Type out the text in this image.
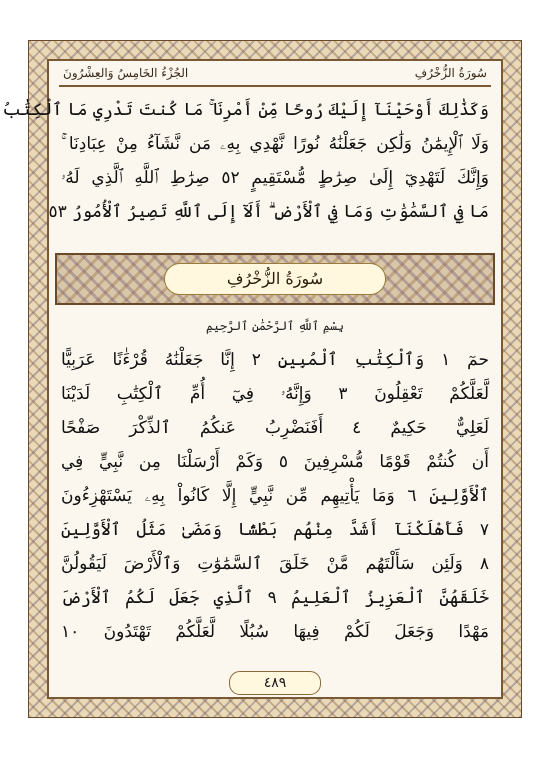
الجُزْءُ الخَامِسُ وَالعِشْرُونَ	سُورَةُ الزُّخْرُفِ
وَكَذَٰلِكَ أَوْحَيْنَآ إِلَيْكَ رُوحًا مِّنْ أَمْرِنَا ۚ مَا كُنتَ تَدْرِي مَا ٱلْكِتَٰبُ
وَلَا ٱلْإِيمَٰنُ وَلَٰكِن جَعَلْنَٰهُ نُورًا نَّهْدِي بِهِۦ مَن نَّشَآءُ مِنْ عِبَادِنَا ۚ
وَإِنَّكَ لَتَهْدِيٓ إِلَىٰ صِرَٰطٍ مُّسْتَقِيمٍ ٥٢ صِرَٰطِ ٱللَّهِ ٱلَّذِي لَهُۥ
مَا فِي ٱلسَّمَٰوَٰتِ وَمَا فِي ٱلْأَرْضِ ۗ أَلَآ إِلَى ٱللَّهِ تَصِيرُ ٱلْأُمُورُ ٥٣
سُورَةُ الزُّخْرُفِ
بِسْمِ ٱللَّهِ ٱلرَّحْمَٰنِ ٱلرَّحِيمِ
حمٓ ١ وَٱلْكِتَٰبِ ٱلْمُبِينِ ٢ إِنَّا جَعَلْنَٰهُ قُرْءَٰنًا عَرَبِيًّا
لَّعَلَّكُمْ تَعْقِلُونَ ٣ وَإِنَّهُۥ فِيٓ أُمِّ ٱلْكِتَٰبِ لَدَيْنَا
لَعَلِيٌّ حَكِيمٌ ٤ أَفَنَضْرِبُ عَنكُمُ ٱلذِّكْرَ صَفْحًا
أَن كُنتُمْ قَوْمًا مُّسْرِفِينَ ٥ وَكَمْ أَرْسَلْنَا مِن نَّبِيٍّ فِي
ٱلْأَوَّلِينَ ٦ وَمَا يَأْتِيهِم مِّن نَّبِيٍّ إِلَّا كَانُواْ بِهِۦ يَسْتَهْزِءُونَ
٧ فَأَهْلَكْنَآ أَشَدَّ مِنْهُم بَطْشًا وَمَضَىٰ مَثَلُ ٱلْأَوَّلِينَ
٨ وَلَئِن سَأَلْتَهُم مَّنْ خَلَقَ ٱلسَّمَٰوَٰتِ وَٱلْأَرْضَ لَيَقُولُنَّ
خَلَقَهُنَّ ٱلْعَزِيزُ ٱلْعَلِيمُ ٩ ٱلَّذِي جَعَلَ لَكُمُ ٱلْأَرْضَ
مَهْدًا وَجَعَلَ لَكُمْ فِيهَا سُبُلًا لَّعَلَّكُمْ تَهْتَدُونَ ١٠
٤٨٩
